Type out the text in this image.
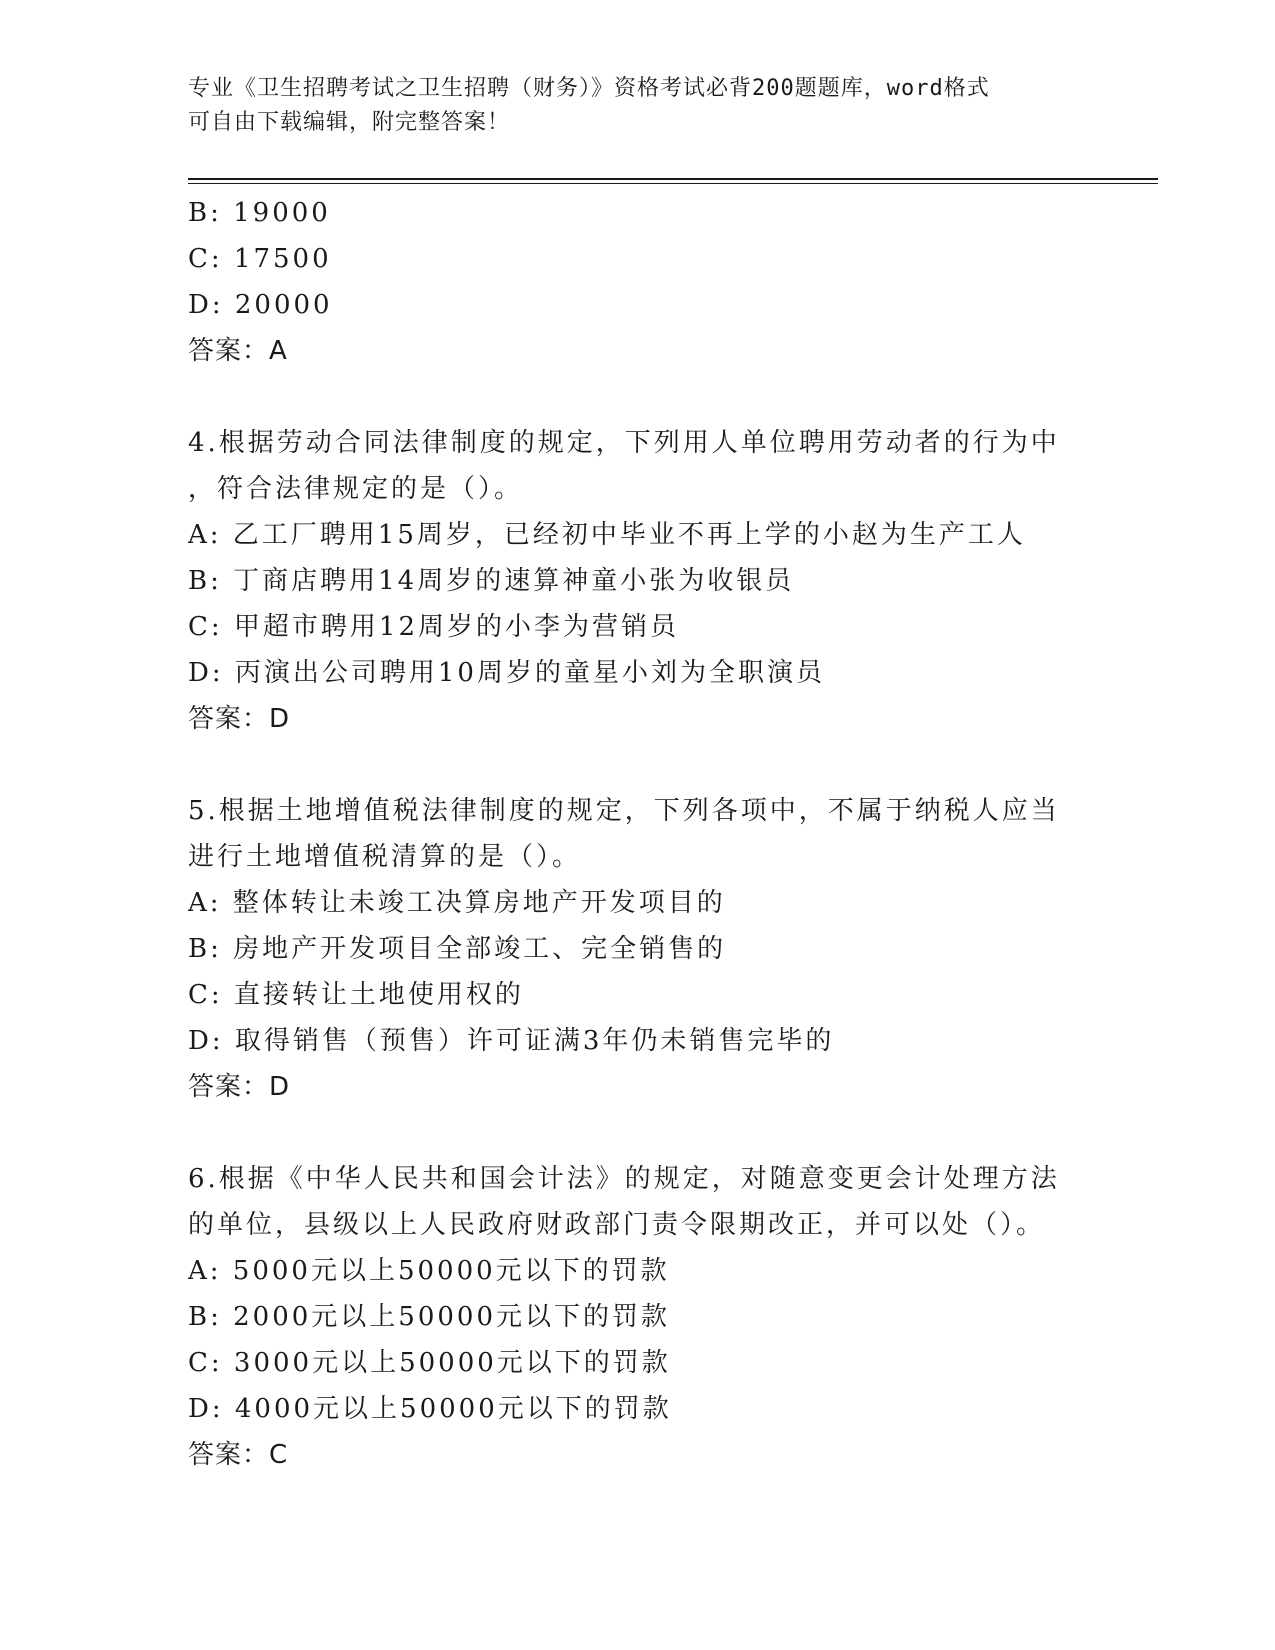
专业《卫生招聘考试之卫生招聘（财务）》资格考试必背200题题库，word格式
可自由下载编辑，附完整答案！
B: 19000
C: 17500
D: 20000
答案：A
4.根据劳动合同法律制度的规定，下列用人单位聘用劳动者的行为中
，符合法律规定的是（）。
A: 乙工厂聘用15周岁，已经初中毕业不再上学的小赵为生产工人
B: 丁商店聘用14周岁的速算神童小张为收银员
C: 甲超市聘用12周岁的小李为营销员
D: 丙演出公司聘用10周岁的童星小刘为全职演员
答案：D
5.根据土地增值税法律制度的规定，下列各项中，不属于纳税人应当
进行土地增值税清算的是（）。
A: 整体转让未竣工决算房地产开发项目的
B: 房地产开发项目全部竣工、完全销售的
C: 直接转让土地使用权的
D: 取得销售（预售）许可证满3年仍未销售完毕的
答案：D
6.根据《中华人民共和国会计法》的规定，对随意变更会计处理方法
的单位，县级以上人民政府财政部门责令限期改正，并可以处（）。
A: 5000元以上50000元以下的罚款
B: 2000元以上50000元以下的罚款
C: 3000元以上50000元以下的罚款
D: 4000元以上50000元以下的罚款
答案：C
